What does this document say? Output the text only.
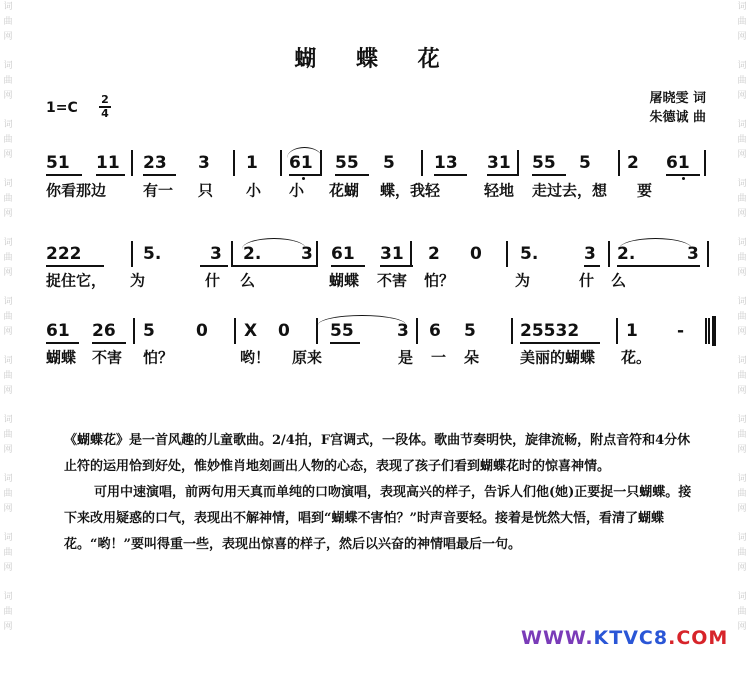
词
曲
网
词
曲
网
词
曲
网
词
曲
网
词
曲
网
词
曲
网
词
曲
网
词
曲
网
词
曲
网
词
曲
网
词
曲
网
词
曲
网
词
曲
网
词
曲
网
词
曲
网
词
曲
网
词
曲
网
词
曲
网
词
曲
网
词
曲
网
词
曲
网
词
曲
网
蝴 蝶 花
$1=C \frac{2}{4}$	屠晓雯 词
朱德诚 曲
51 11 23 3 1 61 55 5 13 31 55 5 2 61
你看那边 有一 只 小 小 花蝴 蝶，我轻	轻地 走过去，想 要
222	5.	3 2. 3 61 31 2 0 5.	3 2.	3
捉住它， 为	什 么	蝴蝶 不害 怕？	为	什 么
61 26 5 0 X 0 55	3 6 5	25532	1 -
蝴蝶 不害 怕？	哟！ 原来	是 一 朵	美丽的蝴蝶 花。

《蝴蝶花》是一首风趣的儿童歌曲。2/4拍，F宫调式，一段体。歌曲节奏明快，旋律流畅，附点音符和4分休止符的运用恰到好处，惟妙惟肖地刻画出人物的心态，表现了孩子们看到蝴蝶花时的惊喜神情。

可用中速演唱，前两句用天真而单纯的口吻演唱，表现高兴的样子，告诉人们他(她)正要捉一只蝴蝶。接下来改用疑惑的口气，表现出不解神情，唱到“蝴蝶不害怕？”时声音要轻。接着是恍然大悟，看清了蝴蝶花。“哟！”要叫得重一些，表现出惊喜的样子，然后以兴奋的神情唱最后一句。

WWW.KTVC8.COM
